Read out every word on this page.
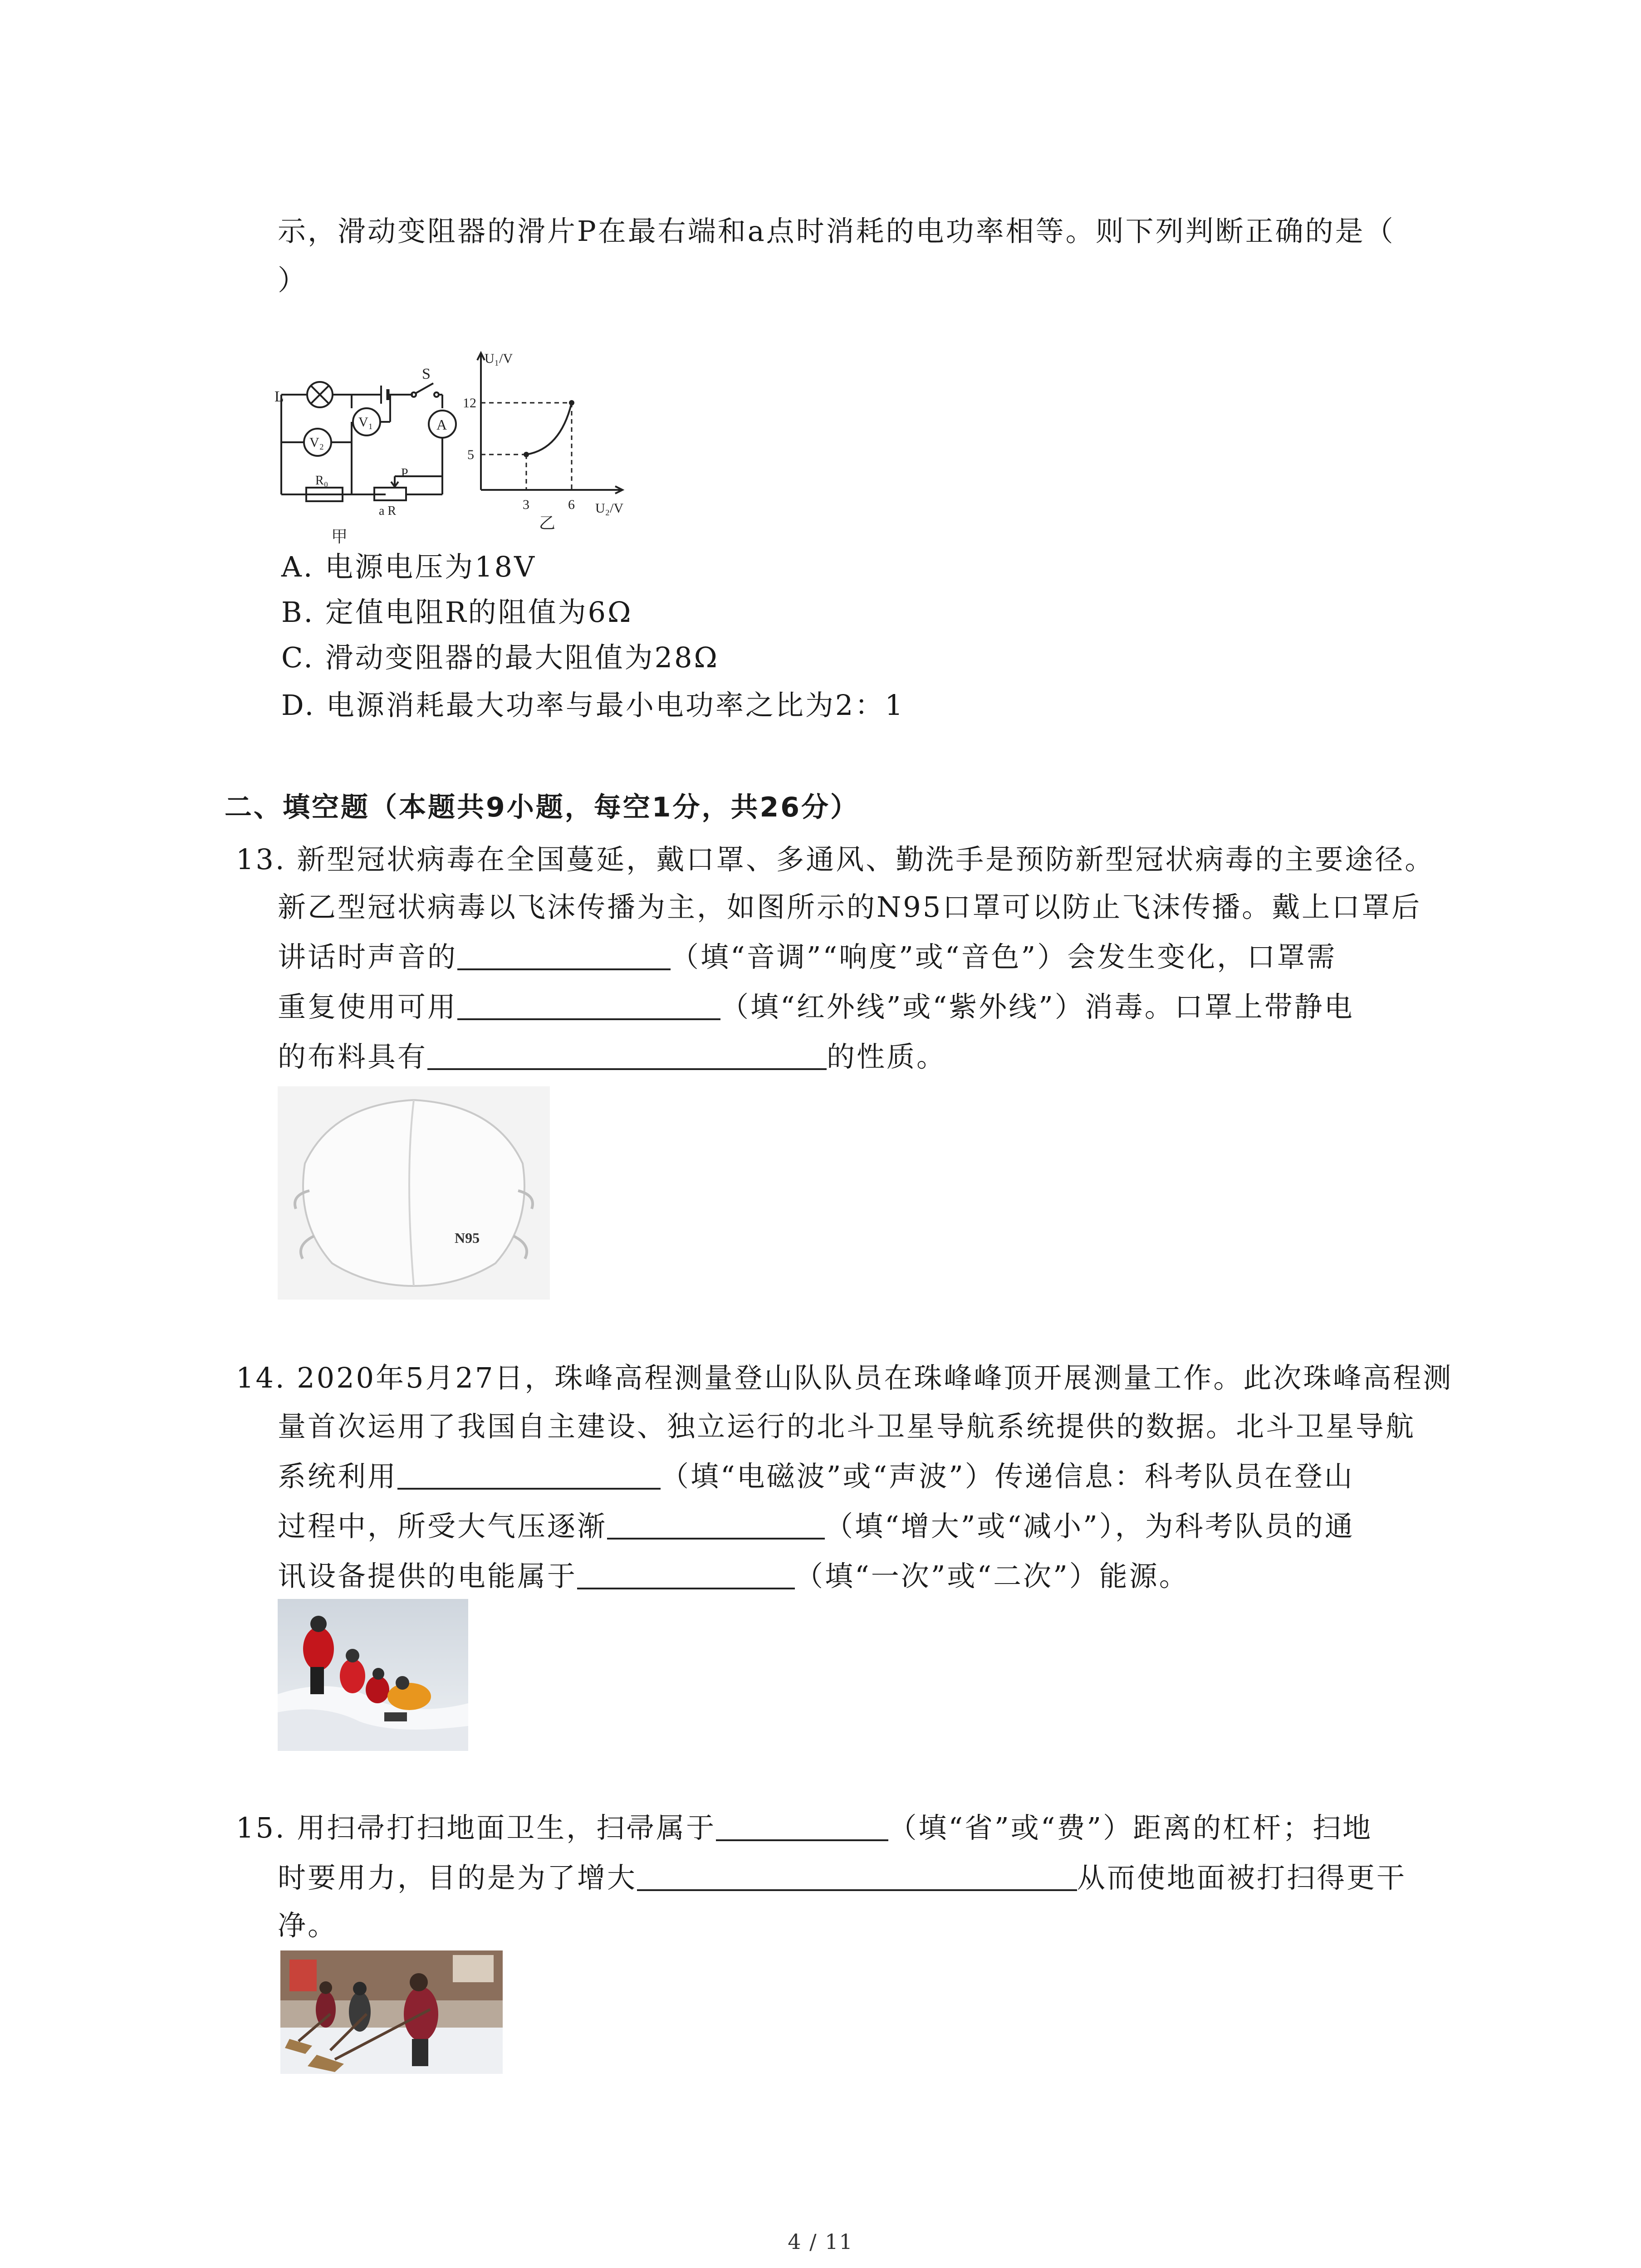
示，滑动变阻器的滑片P在最右端和a点时消耗的电功率相等。则下列判断正确的是（
）
L
S
V₁
V₂
A
R₀
P
a R
甲
U₁/V
12
5
3	6 U₂/V
乙
A. 电源电压为18V
B. 定值电阻R的阻值为6Ω
C. 滑动变阻器的最大阻值为28Ω
D. 电源消耗最大功率与最小电功率之比为2：1
二、填空题（本题共9小题，每空1分，共26分）
13. 新型冠状病毒在全国蔓延，戴口罩、多通风、勤洗手是预防新型冠状病毒的主要途径。
新乙型冠状病毒以飞沫传播为主，如图所示的N95口罩可以防止飞沫传播。戴上口罩后
讲话时声音的	（填“音调”“响度”或“音色”）会发生变化，口罩需
重复使用可用	（填“红外线”或“紫外线”）消毒。口罩上带静电
的布料具有	的性质。
N95
14. 2020年5月27日，珠峰高程测量登山队队员在珠峰峰顶开展测量工作。此次珠峰高程测
量首次运用了我国自主建设、独立运行的北斗卫星导航系统提供的数据。北斗卫星导航
系统利用	（填“电磁波”或“声波”）传递信息：科考队员在登山
过程中，所受大气压逐渐	（填“增大”或“减小”），为科考队员的通
讯设备提供的电能属于	（填“一次”或“二次”）能源。
15. 用扫帚打扫地面卫生，扫帚属于	（填“省”或“费”）距离的杠杆；扫地
时要用力，目的是为了增大	从而使地面被打扫得更干
净。
4 / 11
